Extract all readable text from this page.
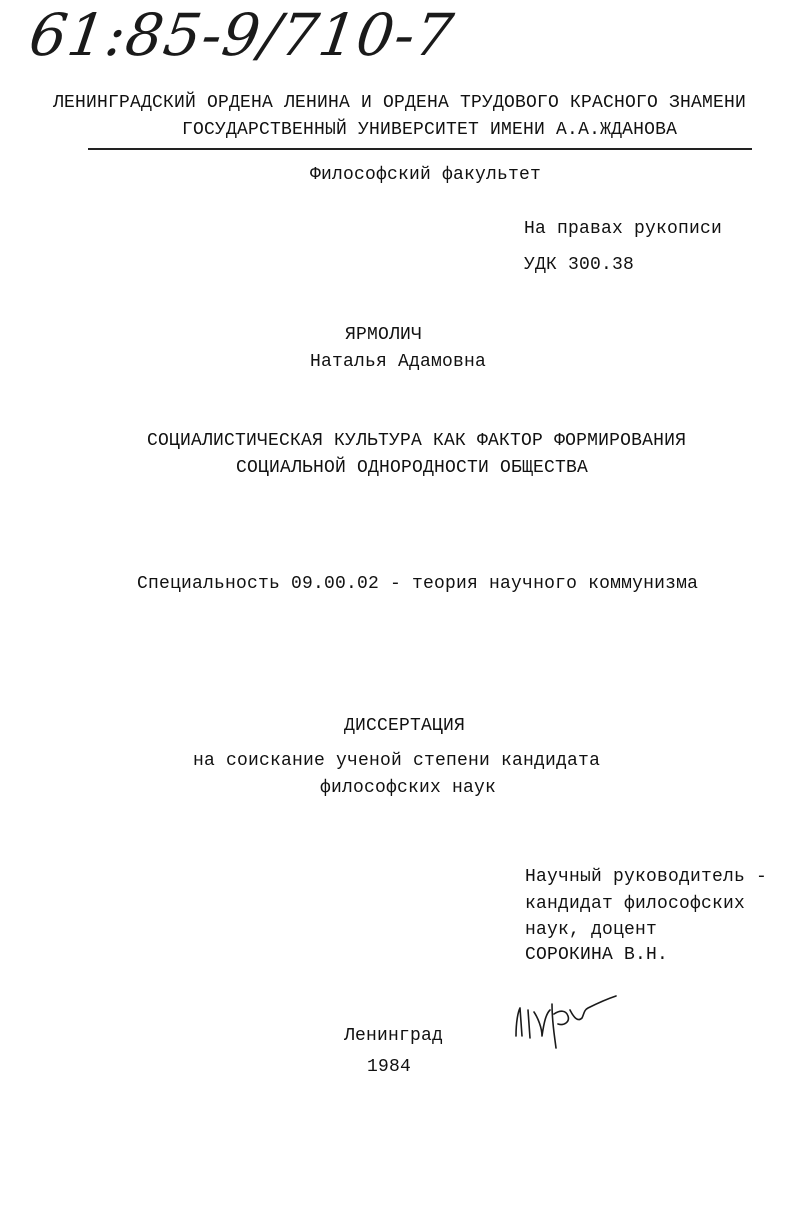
61:85-9/710-7
ЛЕНИНГРАДСКИЙ ОРДЕНА ЛЕНИНА И ОРДЕНА ТРУДОВОГО КРАСНОГО ЗНАМЕНИ
ГОСУДАРСТВЕННЫЙ УНИВЕРСИТЕТ ИМЕНИ А.А.ЖДАНОВА
Философский факультет
На правах рукописи
УДК 300.38
ЯРМОЛИЧ
Наталья Адамовна
СОЦИАЛИСТИЧЕСКАЯ КУЛЬТУРА КАК ФАКТОР ФОРМИРОВАНИЯ
СОЦИАЛЬНОЙ ОДНОРОДНОСТИ ОБЩЕСТВА
Специальность 09.00.02 - теория научного коммунизма
ДИССЕРТАЦИЯ
на соискание ученой степени кандидата
философских наук
Научный руководитель -
кандидат философских
наук, доцент
СОРОКИНА В.Н.
Ленинград
1984
